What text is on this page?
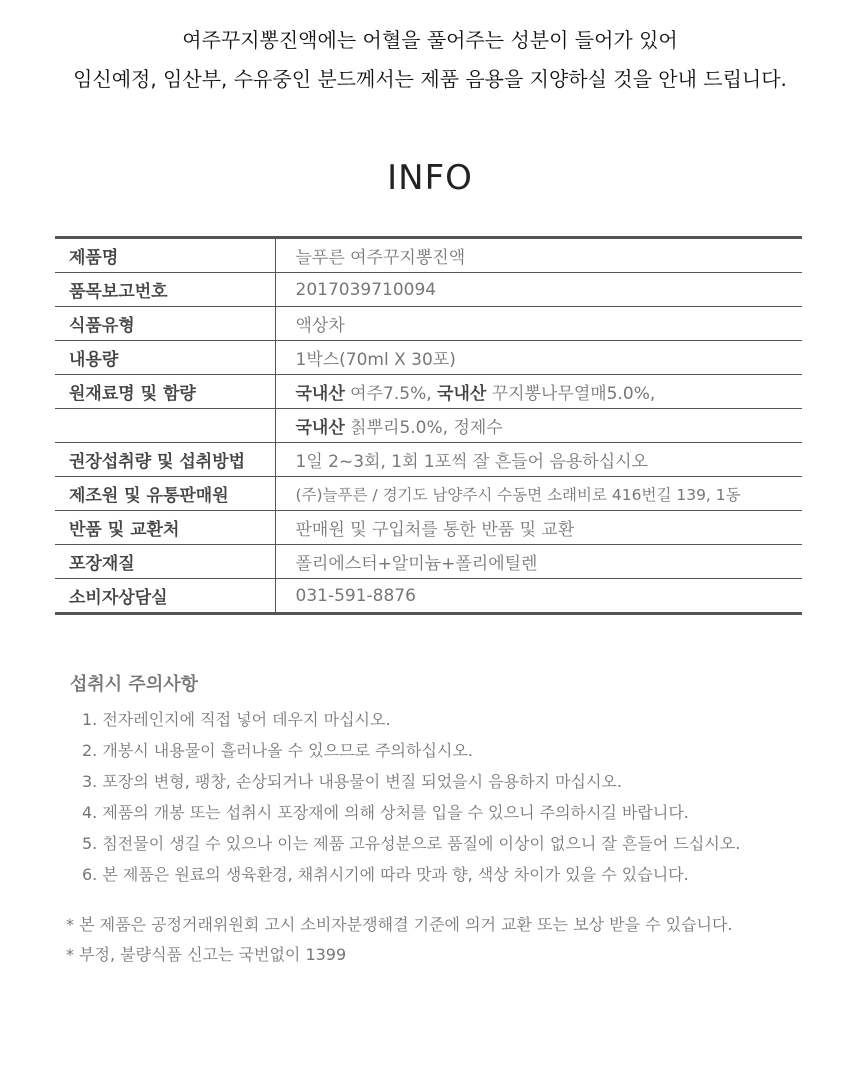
여주꾸지뽕진액에는 어혈을 풀어주는 성분이 들어가 있어
임신예정, 임산부, 수유중인 분드께서는 제품 음용을 지양하실 것을 안내 드립니다.
INFO
제품명	늘푸른 여주꾸지뽕진액
품목보고번호	2017039710094
식품유형	액상차
내용량	1박스(70ml X 30포)
원재료명 및 함량	국내산 여주7.5%, 국내산 꾸지뽕나무열매5.0%,
	국내산 칡뿌리5.0%, 정제수
권장섭취량 및 섭취방법	1일 2~3회, 1회 1포씩 잘 흔들어 음용하십시오
제조원 및 유통판매원	(주)늘푸른 / 경기도 남양주시 수동면 소래비로 416번길 139, 1동
반품 및 교환처	판매원 및 구입처를 통한 반품 및 교환
포장재질	폴리에스터+알미늄+폴리에틸렌
소비자상담실	031-591-8876
섭취시 주의사항
1. 전자레인지에 직접 넣어 데우지 마십시오.
2. 개봉시 내용물이 흘러나올 수 있으므로 주의하십시오.
3. 포장의 변형, 팽창, 손상되거나 내용물이 변질 되었을시 음용하지 마십시오.
4. 제품의 개봉 또는 섭취시 포장재에 의해 상처를 입을 수 있으니 주의하시길 바랍니다.
5. 침전물이 생길 수 있으나 이는 제품 고유성분으로 품질에 이상이 없으니 잘 흔들어 드십시오.
6. 본 제품은 원료의 생육환경, 채취시기에 따라 맛과 향, 색상 차이가 있을 수 있습니다.
* 본 제품은 공정거래위원회 고시 소비자분쟁해결 기준에 의거 교환 또는 보상 받을 수 있습니다.
* 부정, 불량식품 신고는 국번없이 1399
